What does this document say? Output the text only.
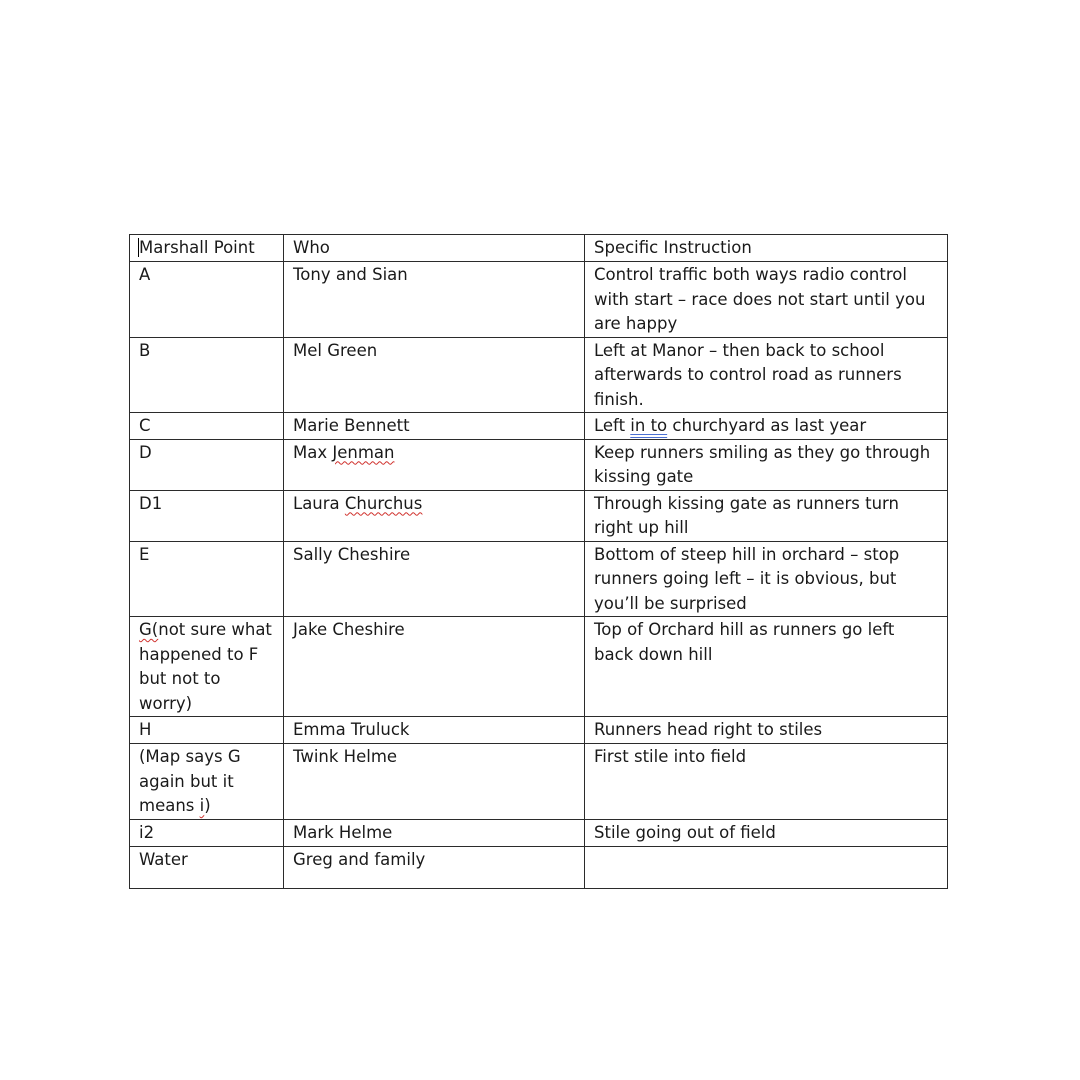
Marshall Point	Who	Specific Instruction
A	Tony and Sian	Control traffic both ways radio control with start – race does not start until you are happy
B	Mel Green	Left at Manor – then back to school afterwards to control road as runners finish.
C	Marie Bennett	Left in to churchyard as last year
D	Max Jenman	Keep runners smiling as they go through kissing gate
D1	Laura Churchus	Through kissing gate as runners turn right up hill
E	Sally Cheshire	Bottom of steep hill in orchard – stop runners going left – it is obvious, but you’ll be surprised
G(not sure what happened to F but not to worry)	Jake Cheshire	Top of Orchard hill as runners go left back down hill
H	Emma Truluck	Runners head right to stiles
(Map says G again but it means i)	Twink Helme	First stile into field
i2	Mark Helme	Stile going out of field
Water	Greg and family	
